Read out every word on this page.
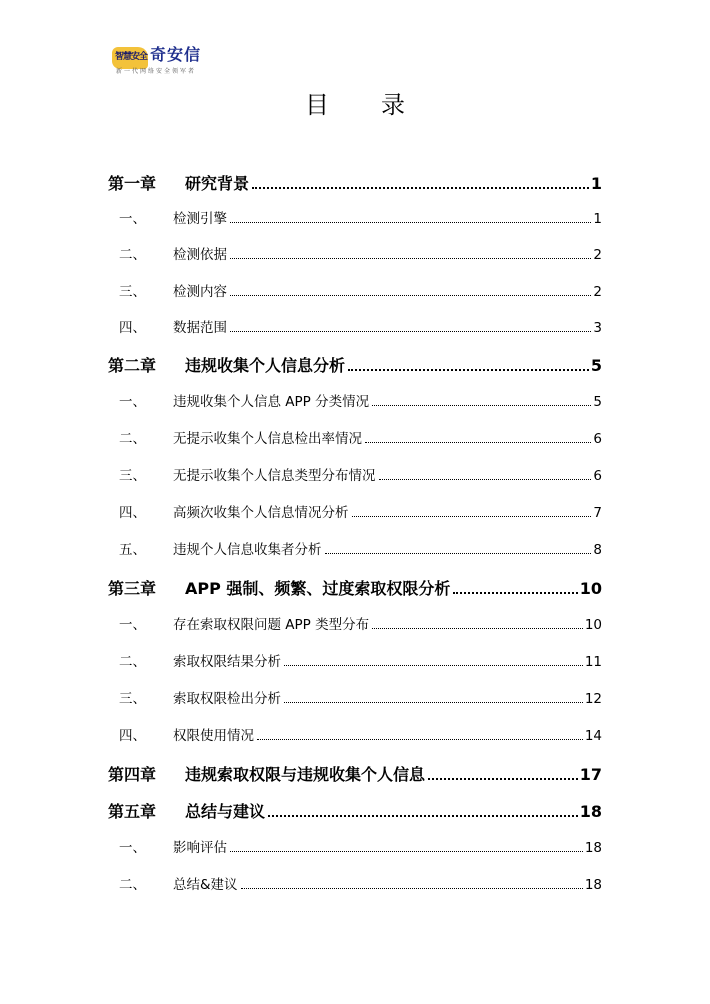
智慧安全 奇安信
新一代网络安全领军者
目录
第一章	研究背景	1
一、	检测引擎	1
二、	检测依据	2
三、	检测内容	2
四、	数据范围	3
第二章	违规收集个人信息分析	5
一、	违规收集个人信息 APP 分类情况	5
二、	无提示收集个人信息检出率情况	6
三、	无提示收集个人信息类型分布情况	6
四、	高频次收集个人信息情况分析	7
五、	违规个人信息收集者分析	8
第三章	APP 强制、频繁、过度索取权限分析	10
一、	存在索取权限问题 APP 类型分布	10
二、	索取权限结果分析	11
三、	索取权限检出分析	12
四、	权限使用情况	14
第四章	违规索取权限与违规收集个人信息	17
第五章	总结与建议	18
一、	影响评估	18
二、	总结&建议	18
